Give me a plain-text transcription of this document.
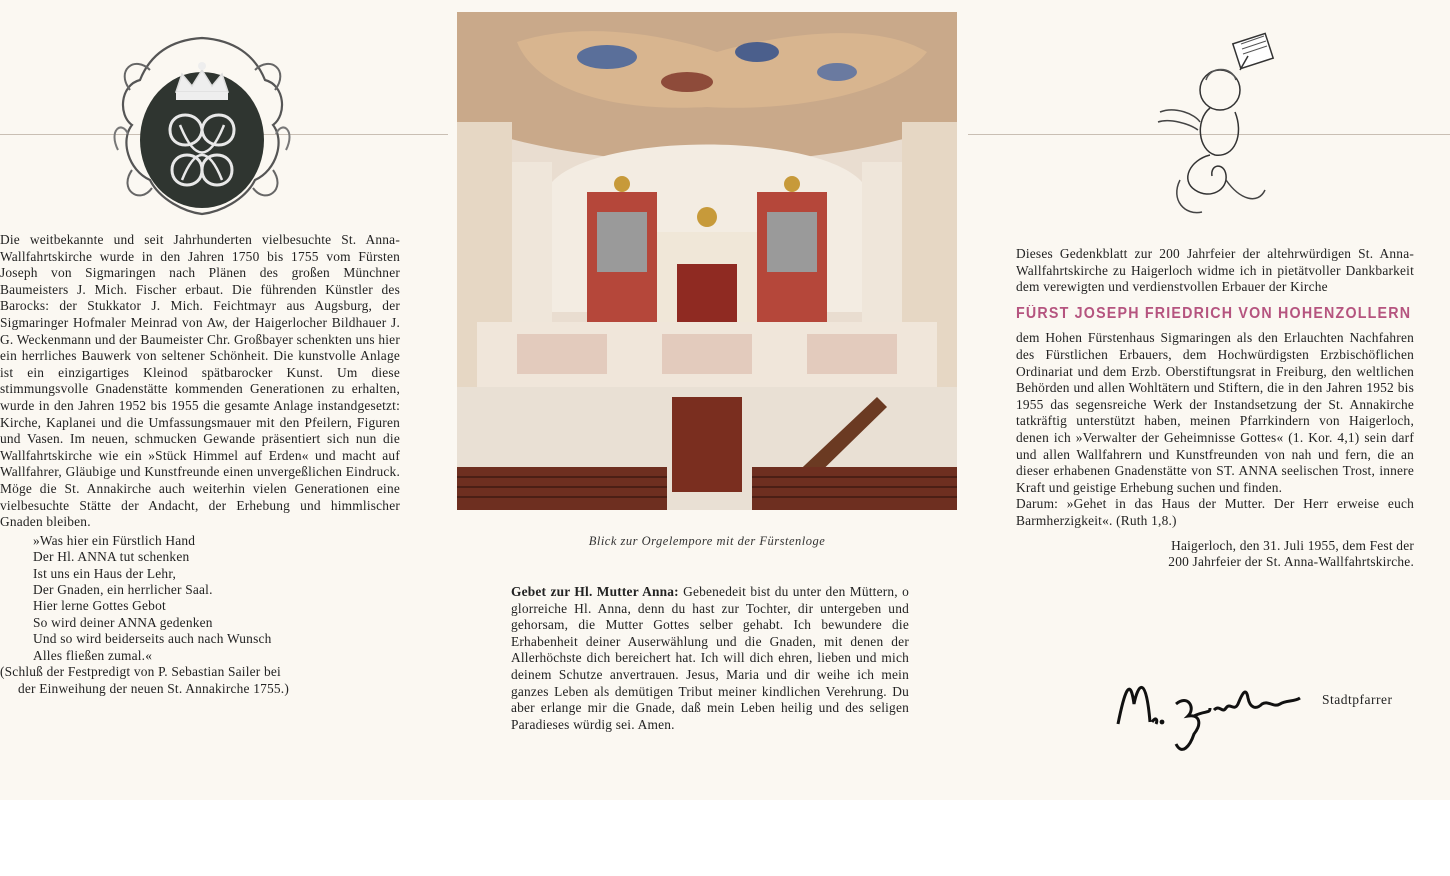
Die weitbekannte und seit Jahrhunderten vielbesuchte St. Anna-Wallfahrtskirche wurde in den Jahren 1750 bis 1755 vom Fürsten Joseph von Sigmaringen nach Plänen des großen Münchner Baumeisters J. Mich. Fischer erbaut. Die führenden Künstler des Barocks: der Stukkator J. Mich. Feichtmayr aus Augsburg, der Sigmaringer Hofmaler Meinrad von Aw, der Haigerlocher Bildhauer J. G. Weckenmann und der Baumeister Chr. Großbayer schenkten uns hier ein herrliches Bauwerk von seltener Schönheit. Die kunstvolle Anlage ist ein einzigartiges Kleinod spätbarocker Kunst. Um diese stimmungsvolle Gnadenstätte kommenden Generationen zu erhalten, wurde in den Jahren 1952 bis 1955 die gesamte Anlage instandgesetzt: Kirche, Kaplanei und die Umfassungsmauer mit den Pfeilern, Figuren und Vasen. Im neuen, schmucken Gewande präsentiert sich nun die Wallfahrtskirche wie ein »Stück Himmel auf Erden« und macht auf Wallfahrer, Gläubige und Kunstfreunde einen unvergeßlichen Eindruck. Möge die St. Annakirche auch weiterhin vielen Generationen eine vielbesuchte Stätte der Andacht, der Erhebung und himmlischer Gnaden bleiben.

»Was hier ein Fürstlich Hand
Der Hl. ANNA tut schenken
Ist uns ein Haus der Lehr,
Der Gnaden, ein herrlicher Saal.
Hier lerne Gottes Gebot
So wird deiner ANNA gedenken
Und so wird beiderseits auch nach Wunsch
Alles fließen zumal.«
(Schluß der Festpredigt von P. Sebastian Sailer bei
der Einweihung der neuen St. Annakirche 1755.)
Blick zur Orgelempore mit der Fürstenloge

Gebet zur Hl. Mutter Anna: Gebenedeit bist du unter den Müttern, o glorreiche Hl. Anna, denn du hast zur Tochter, dir untergeben und gehorsam, die Mutter Gottes selber gehabt. Ich bewundere die Erhabenheit deiner Auserwählung und die Gnaden, mit denen der Allerhöchste dich bereichert hat. Ich will dich ehren, lieben und mich deinem Schutze anvertrauen. Jesus, Maria und dir weihe ich mein ganzes Leben als demütigen Tribut meiner kindlichen Verehrung. Du aber erlange mir die Gnade, daß mein Leben heilig und des seligen Paradieses würdig sei. Amen.

Dieses Gedenkblatt zur 200 Jahrfeier der altehrwürdigen St. Anna-Wallfahrtskirche zu Haigerloch widme ich in pietätvoller Dankbarkeit dem verewigten und verdienstvollen Erbauer der Kirche

FÜRST JOSEPH FRIEDRICH VON HOHENZOLLERN

dem Hohen Fürstenhaus Sigmaringen als den Erlauchten Nachfahren des Fürstlichen Erbauers, dem Hochwürdigsten Erzbischöflichen Ordinariat und dem Erzb. Oberstiftungsrat in Freiburg, den weltlichen Behörden und allen Wohltätern und Stiftern, die in den Jahren 1952 bis 1955 das segensreiche Werk der Instandsetzung der St. Annakirche tatkräftig unterstützt haben, meinen Pfarrkindern von Haigerloch, denen ich »Verwalter der Geheimnisse Gottes« (1. Kor. 4,1) sein darf und allen Wallfahrern und Kunstfreunden von nah und fern, die an dieser erhabenen Gnadenstätte von ST. ANNA seelischen Trost, innere Kraft und geistige Erhebung suchen und finden.

Darum: »Gehet in das Haus der Mutter. Der Herr erweise euch Barmherzigkeit«. (Ruth 1,8.)

Haigerloch, den 31. Juli 1955, dem Fest der
200 Jahrfeier der St. Anna-Wallfahrtskirche.
Stadtpfarrer
